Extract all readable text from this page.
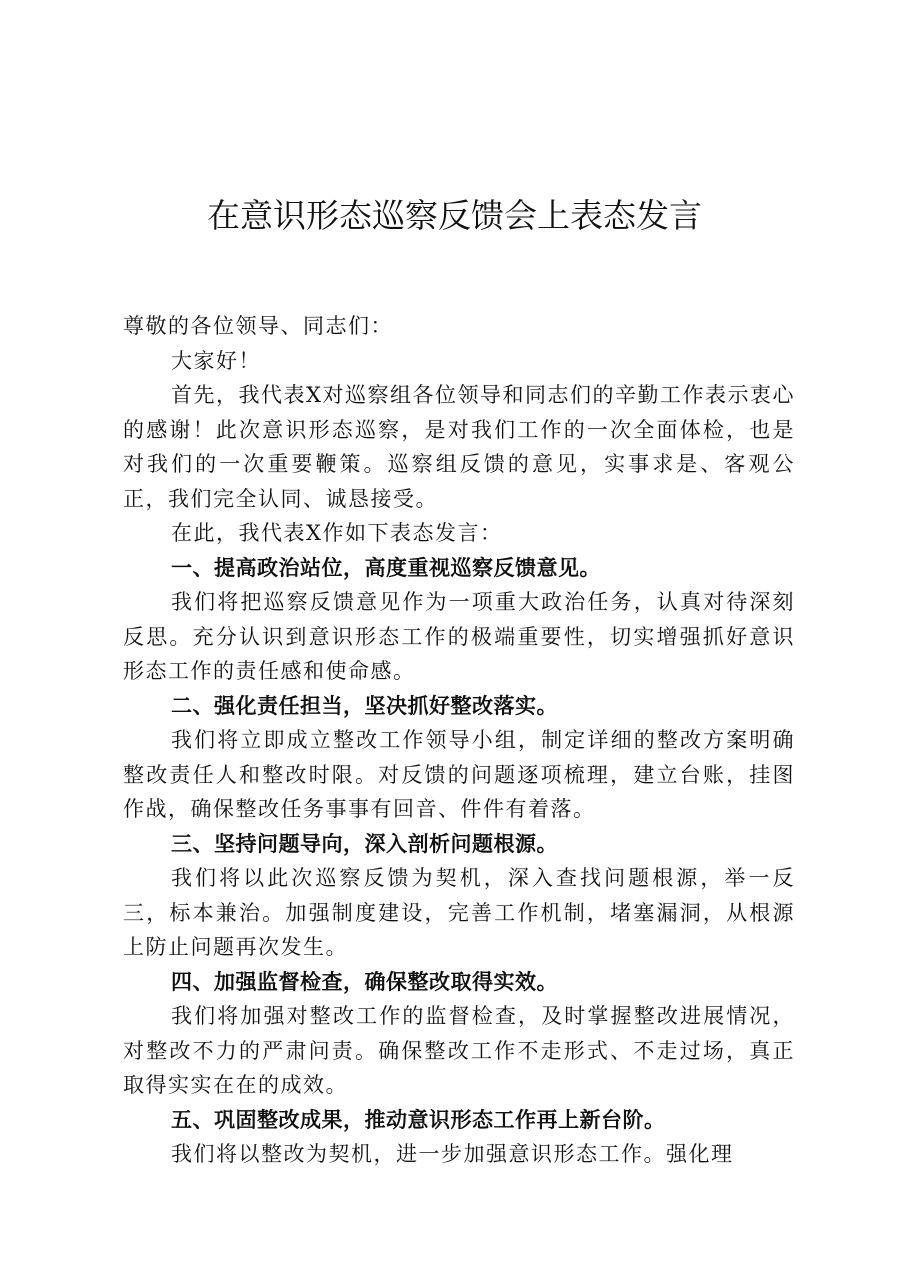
在意识形态巡察反馈会上表态发言

尊敬的各位领导、同志们：

大家好！

首先，我代表X对巡察组各位领导和同志们的辛勤工作表示衷心的感谢！此次意识形态巡察，是对我们工作的一次全面体检，也是对我们的一次重要鞭策。巡察组反馈的意见，实事求是、客观公正，我们完全认同、诚恳接受。

在此，我代表X作如下表态发言：

一、提高政治站位，高度重视巡察反馈意见。

我们将把巡察反馈意见作为一项重大政治任务，认真对待深刻反思。充分认识到意识形态工作的极端重要性，切实增强抓好意识形态工作的责任感和使命感。

二、强化责任担当，坚决抓好整改落实。

我们将立即成立整改工作领导小组，制定详细的整改方案明确整改责任人和整改时限。对反馈的问题逐项梳理，建立台账，挂图作战，确保整改任务事事有回音、件件有着落。

三、坚持问题导向，深入剖析问题根源。

我们将以此次巡察反馈为契机，深入查找问题根源，举一反三，标本兼治。加强制度建设，完善工作机制，堵塞漏洞，从根源上防止问题再次发生。

四、加强监督检查，确保整改取得实效。

我们将加强对整改工作的监督检查，及时掌握整改进展情况，对整改不力的严肃问责。确保整改工作不走形式、不走过场，真正取得实实在在的成效。

五、巩固整改成果，推动意识形态工作再上新台阶。

我们将以整改为契机，进一步加强意识形态工作。强化理
